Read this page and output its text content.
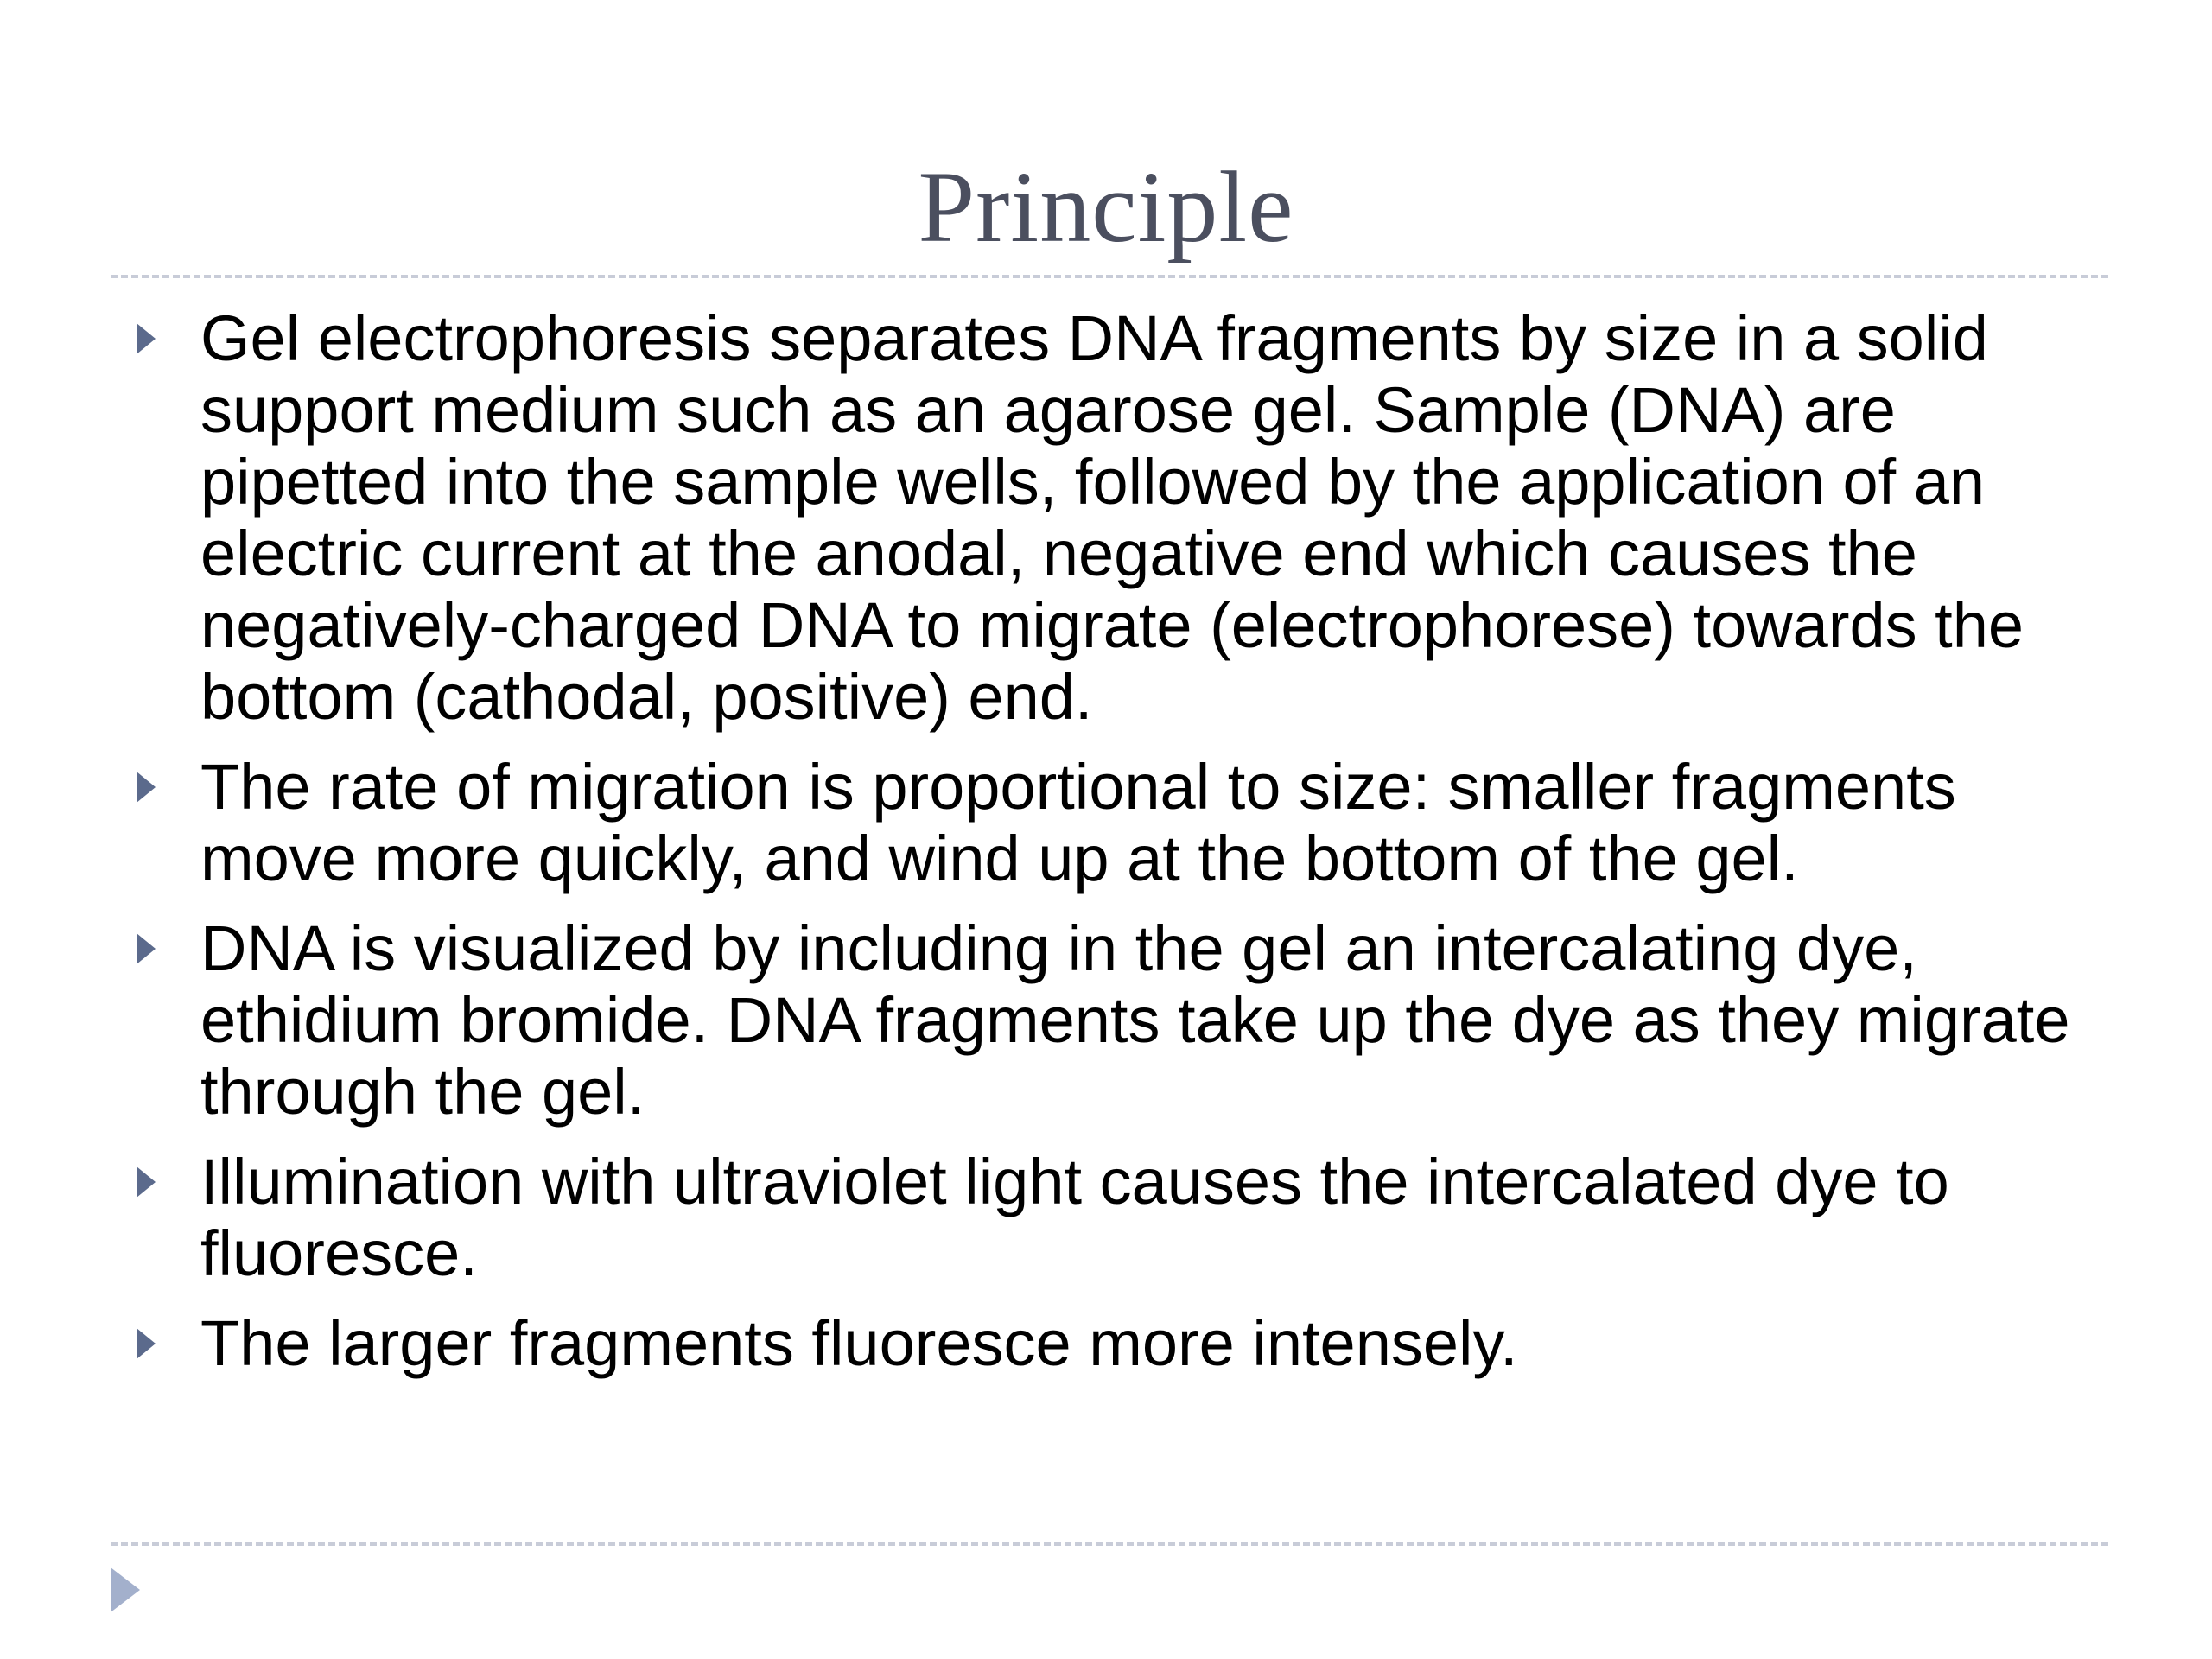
Principle
Gel electrophoresis separates DNA fragments by size in a solid support medium such as an agarose gel. Sample (DNA) are pipetted into the sample wells, followed by the application of an electric current at the anodal, negative end which causes the negatively-charged DNA to migrate (electrophorese) towards the bottom (cathodal, positive) end.
The rate of migration is proportional to size: smaller fragments move more quickly, and wind up at the bottom of the gel.
DNA is visualized by including in the gel an intercalating dye, ethidium bromide. DNA fragments take up the dye as they migrate through the gel.
Illumination with ultraviolet light causes the intercalated dye to fluoresce.
The larger fragments fluoresce more intensely.
